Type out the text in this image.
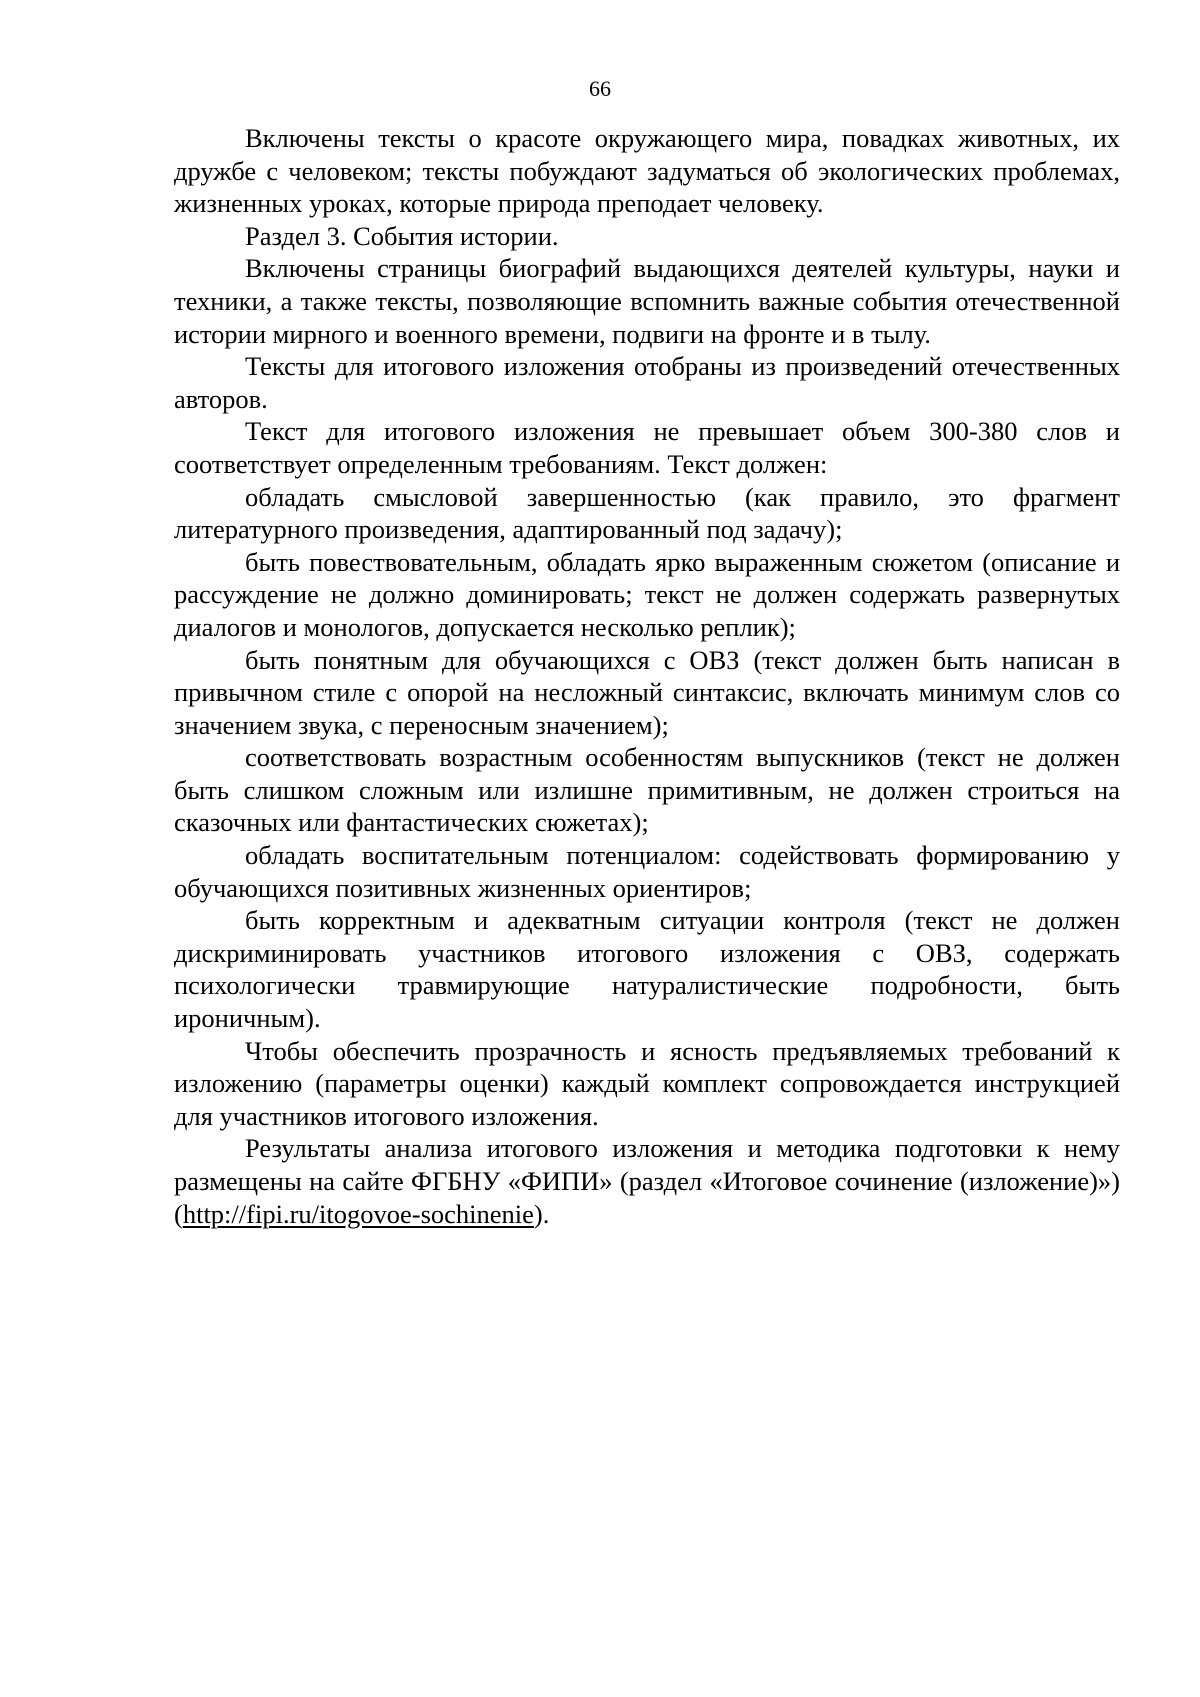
66

Включены тексты о красоте окружающего мира, повадках животных, их дружбе с человеком; тексты побуждают задуматься об экологических проблемах, жизненных уроках, которые природа преподает человеку.

Раздел 3. События истории.

Включены страницы биографий выдающихся деятелей культуры, науки и техники, а также тексты, позволяющие вспомнить важные события отечественной истории мирного и военного времени, подвиги на фронте и в тылу.

Тексты для итогового изложения отобраны из произведений отечественных авторов.

Текст для итогового изложения не превышает объем 300-380 слов и соответствует определенным требованиям. Текст должен:

обладать смысловой завершенностью (как правило, это фрагмент литературного произведения, адаптированный под задачу);

быть повествовательным, обладать ярко выраженным сюжетом (описание и рассуждение не должно доминировать; текст не должен содержать развернутых диалогов и монологов, допускается несколько реплик);

быть понятным для обучающихся с ОВЗ (текст должен быть написан в привычном стиле с опорой на несложный синтаксис, включать минимум слов со значением звука, с переносным значением);

соответствовать возрастным особенностям выпускников (текст не должен быть слишком сложным или излишне примитивным, не должен строиться на сказочных или фантастических сюжетах);

обладать воспитательным потенциалом: содействовать формированию у обучающихся позитивных жизненных ориентиров;

быть корректным и адекватным ситуации контроля (текст не должен дискриминировать участников итогового изложения с ОВЗ, содержать психологически травмирующие натуралистические подробности, быть ироничным).

Чтобы обеспечить прозрачность и ясность предъявляемых требований к изложению (параметры оценки) каждый комплект сопровождается инструкцией для участников итогового изложения.

Результаты анализа итогового изложения и методика подготовки к нему размещены на сайте ФГБНУ «ФИПИ» (раздел «Итоговое сочинение (изложение)») (http://fipi.ru/itogovoe-sochinenie).
